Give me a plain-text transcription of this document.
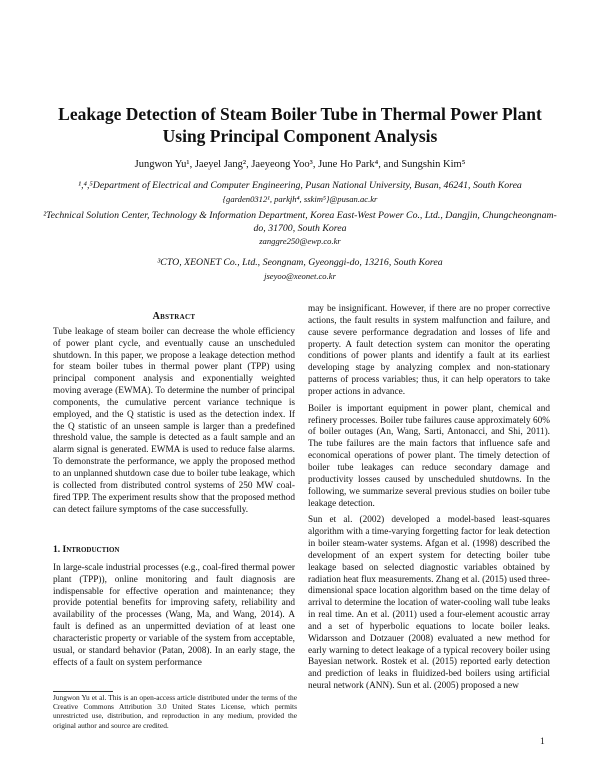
Leakage Detection of Steam Boiler Tube in Thermal Power Plant Using Principal Component Analysis
Jungwon Yu¹, Jaeyel Jang², Jaeyeong Yoo³, June Ho Park⁴, and Sungshin Kim⁵
¹,⁴,⁵Department of Electrical and Computer Engineering, Pusan National University, Busan, 46241, South Korea
{garden0312¹, parkjh⁴, sskim⁵}@pusan.ac.kr
²Technical Solution Center, Technology & Information Department, Korea East-West Power Co., Ltd., Dangjin, Chungcheongnam-do, 31700, South Korea
zanggre250@ewp.co.kr
³CTO, XEONET Co., Ltd., Seongnam, Gyeonggi-do, 13216, South Korea
jseyoo@xeonet.co.kr
Abstract

Tube leakage of steam boiler can decrease the whole efficiency of power plant cycle, and eventually cause an unscheduled shutdown. In this paper, we propose a leakage detection method for steam boiler tubes in thermal power plant (TPP) using principal component analysis and exponentially weighted moving average (EWMA). To determine the number of principal components, the cumulative percent variance technique is employed, and the Q statistic is used as the detection index. If the Q statistic of an unseen sample is larger than a predefined threshold value, the sample is detected as a fault sample and an alarm signal is generated. EWMA is used to reduce false alarms. To demonstrate the performance, we apply the proposed method to an unplanned shutdown case due to boiler tube leakage, which is collected from distributed control systems of 250 MW coal-fired TPP. The experiment results show that the proposed method can detect failure symptoms of the case successfully.

1. Introduction

In large-scale industrial processes (e.g., coal-fired thermal power plant (TPP)), online monitoring and fault diagnosis are indispensable for effective operation and maintenance; they provide potential benefits for improving safety, reliability and availability of the processes (Wang, Ma, and Wang, 2014). A fault is defined as an unpermitted deviation of at least one characteristic property or variable of the system from acceptable, usual, or standard behavior (Patan, 2008). In an early stage, the effects of a fault on system performance

Jungwon Yu et al. This is an open-access article distributed under the terms of the Creative Commons Attribution 3.0 United States License, which permits unrestricted use, distribution, and reproduction in any medium, provided the original author and source are credited.

may be insignificant. However, if there are no proper corrective actions, the fault results in system malfunction and failure, and cause severe performance degradation and losses of life and property. A fault detection system can monitor the operating conditions of power plants and identify a fault at its earliest developing stage by analyzing complex and non-stationary patterns of process variables; thus, it can help operators to take proper actions in advance.

Boiler is important equipment in power plant, chemical and refinery processes. Boiler tube failures cause approximately 60% of boiler outages (An, Wang, Sarti, Antonacci, and Shi, 2011). The tube failures are the main factors that influence safe and economical operations of power plant. The timely detection of boiler tube leakages can reduce secondary damage and productivity losses caused by unscheduled shutdowns. In the following, we summarize several previous studies on boiler tube leakage detection.

Sun et al. (2002) developed a model-based least-squares algorithm with a time-varying forgetting factor for leak detection in boiler steam-water systems. Afgan et al. (1998) described the development of an expert system for detecting boiler tube leakage based on selected diagnostic variables obtained by radiation heat flux measurements. Zhang et al. (2015) used three-dimensional space location algorithm based on the time delay of arrival to determine the location of water-cooling wall tube leaks in real time. An et al. (2011) used a four-element acoustic array and a set of hyperbolic equations to locate boiler leaks. Widarsson and Dotzauer (2008) evaluated a new method for early warning to detect leakage of a typical recovery boiler using Bayesian network. Rostek et al. (2015) reported early detection and prediction of leaks in fluidized-bed boilers using artificial neural network (ANN). Sun et al. (2005) proposed a new

1
